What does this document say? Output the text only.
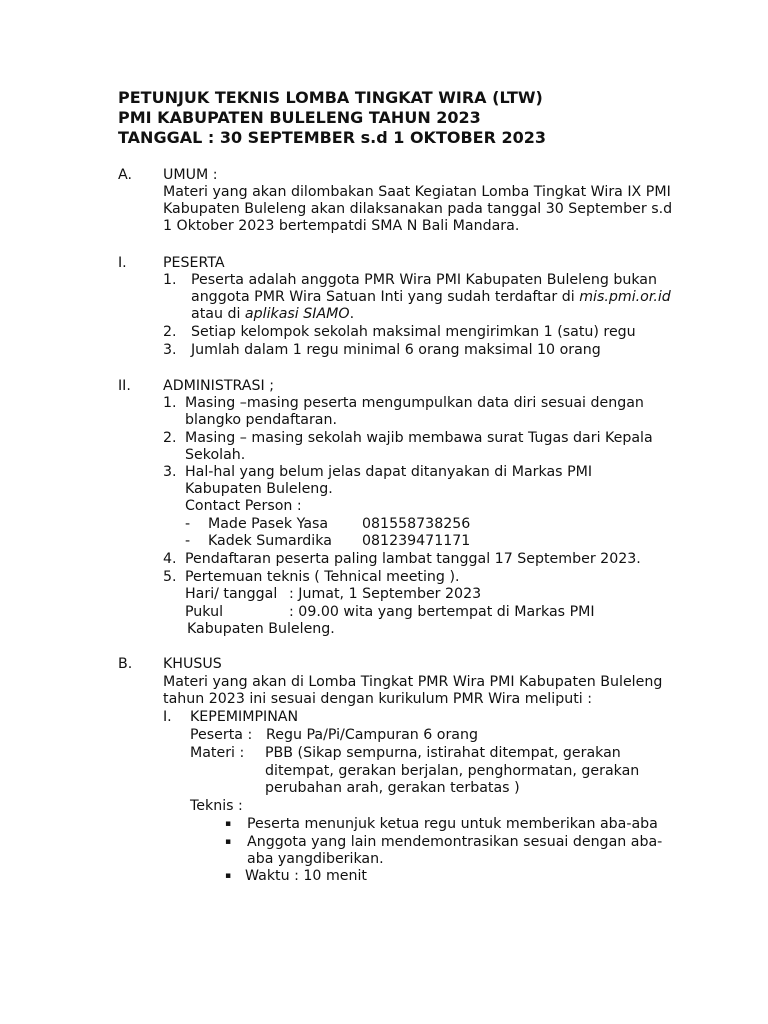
PETUNJUK TEKNIS LOMBA TINGKAT WIRA (LTW)
PMI KABUPATEN BULELENG TAHUN 2023
TANGGAL : 30 SEPTEMBER s.d 1 OKTOBER 2023
A. UMUM :
Materi yang akan dilombakan Saat Kegiatan Lomba Tingkat Wira IX PMI
Kabupaten Buleleng akan dilaksanakan pada tanggal 30 September s.d
1 Oktober 2023 bertempatdi SMA N Bali Mandara.
I.	PESERTA
1. Peserta adalah anggota PMR Wira PMI Kabupaten Buleleng bukan
anggota PMR Wira Satuan Inti yang sudah terdaftar di mis.pmi.or.id
atau di aplikasi SIAMO.
2. Setiap kelompok sekolah maksimal mengirimkan 1 (satu) regu
3. Jumlah dalam 1 regu minimal 6 orang maksimal 10 orang
II. ADMINISTRASI ;
1. Masing –masing peserta mengumpulkan data diri sesuai dengan
blangko pendaftaran.
2. Masing – masing sekolah wajib membawa surat Tugas dari Kepala
Sekolah.
3. Hal-hal yang belum jelas dapat ditanyakan di Markas PMI
Kabupaten Buleleng.
Contact Person :
- Made Pasek Yasa 081558738256
- Kadek Sumardika 081239471171
4. Pendaftaran peserta paling lambat tanggal 17 September 2023.
5. Pertemuan teknis ( Tehnical meeting ).
Hari/ tanggal : Jumat, 1 September 2023
Pukul	: 09.00 wita yang bertempat di Markas PMI
Kabupaten Buleleng.
B. KHUSUS
Materi yang akan di Lomba Tingkat PMR Wira PMI Kabupaten Buleleng
tahun 2023 ini sesuai dengan kurikulum PMR Wira meliputi :
I. KEPEMIMPINAN
Peserta : Regu Pa/Pi/Campuran 6 orang
Materi : PBB (Sikap sempurna, istirahat ditempat, gerakan
ditempat, gerakan berjalan, penghormatan, gerakan
perubahan arah, gerakan terbatas )
Teknis :
▪ Peserta menunjuk ketua regu untuk memberikan aba-aba
▪ Anggota yang lain mendemontrasikan sesuai dengan aba-
aba yangdiberikan.
▪ Waktu : 10 menit
